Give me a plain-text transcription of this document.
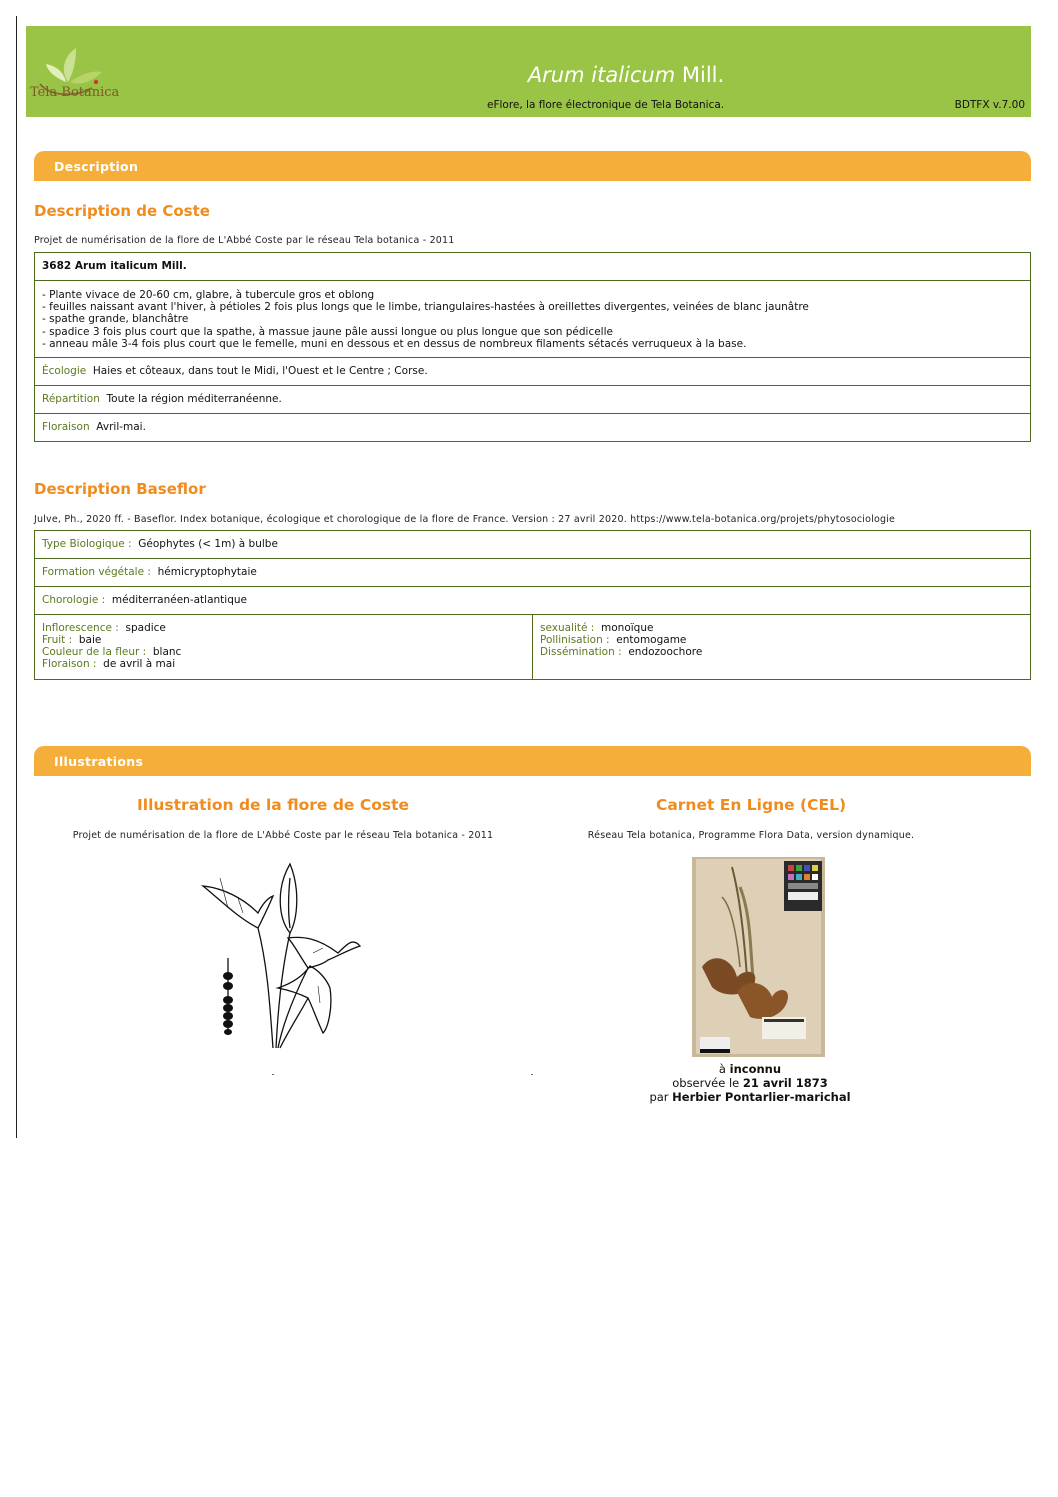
Tela Botanica
Arum italicum Mill.
eFlore, la flore électronique de Tela Botanica.	BDTFX v.7.00
Description
Description de Coste
Projet de numérisation de la flore de L'Abbé Coste par le réseau Tela botanica - 2011
3682 Arum italicum Mill.

- Plante vivace de 20-60 cm, glabre, à tubercule gros et oblong
- feuilles naissant avant l'hiver, à pétioles 2 fois plus longs que le limbe, triangulaires-hastées à oreillettes divergentes, veinées de blanc jaunâtre
- spathe grande, blanchâtre
- spadice 3 fois plus court que la spathe, à massue jaune pâle aussi longue ou plus longue que son pédicelle
- anneau mâle 3-4 fois plus court que le femelle, muni en dessous et en dessus de nombreux filaments sétacés verruqueux à la base.

Écologie Haies et côteaux, dans tout le Midi, l'Ouest et le Centre ; Corse.
Répartition Toute la région méditerranéenne.
Floraison Avril-mai.
Description Baseflor
Julve, Ph., 2020 ff. - Baseflor. Index botanique, écologique et chorologique de la flore de France. Version : 27 avril 2020. https://www.tela-botanica.org/projets/phytosociologie
Type Biologique : Géophytes (< 1m) à bulbe
Formation végétale : hémicryptophytaie
Chorologie : méditerranéen-atlantique

Inflorescence : spadice
Fruit : baie
Couleur de la fleur : blanc
Floraison : de avril à mai

sexualité : monoïque
Pollinisation : entomogame
Dissémination : endozoochore
Illustrations
Illustration de la flore de Coste
Projet de numérisation de la flore de L'Abbé Coste par le réseau Tela botanica - 2011
Carnet En Ligne (CEL)
Réseau Tela botanica, Programme Flora Data, version dynamique.
à inconnu
observée le 21 avril 1873
par Herbier Pontarlier-marichal
